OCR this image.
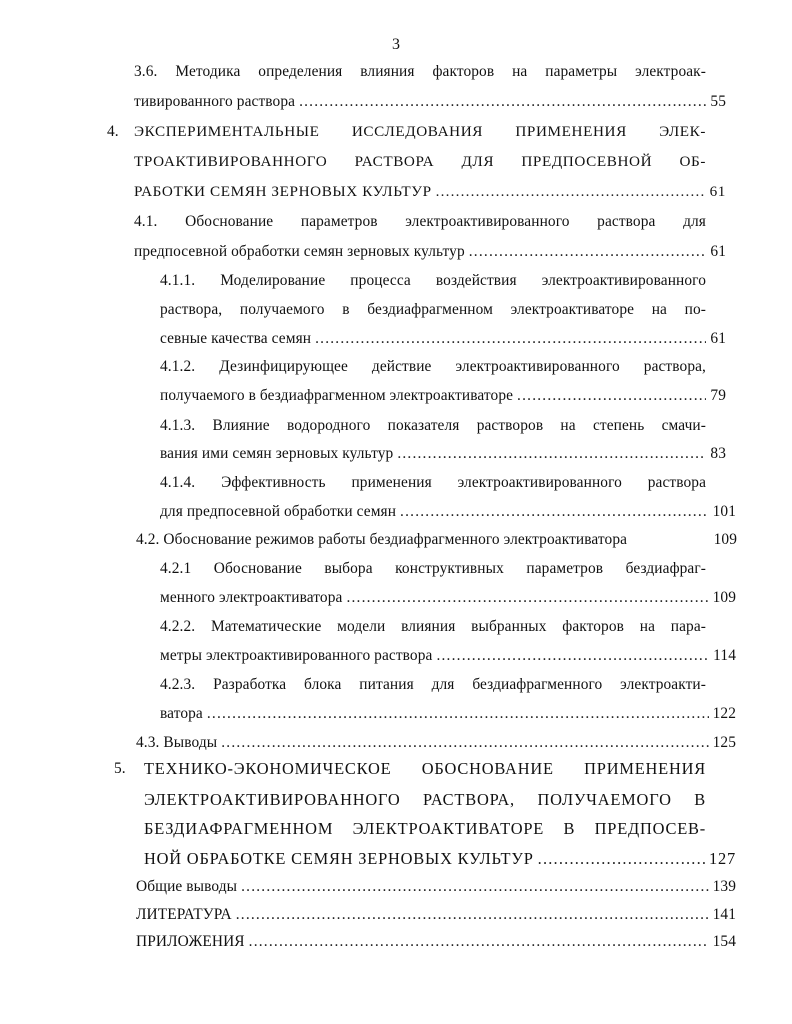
3
3.6. Методика определения влияния факторов на параметры электроак-
тивированного раствора .....	55
4. ЭКСПЕРИМЕНТАЛЬНЫЕ ИССЛЕДОВАНИЯ ПРИМЕНЕНИЯ ЭЛЕК-
ТРОАКТИВИРОВАННОГО РАСТВОРА ДЛЯ ПРЕДПОСЕВНОЙ ОБ-
РАБОТКИ СЕМЯН ЗЕРНОВЫХ КУЛЬТУР .....	61
4.1. Обоснование параметров электроактивированного раствора для
предпосевной обработки семян зерновых культур .....	61
4.1.1. Моделирование процесса воздействия электроактивированного
раствора, получаемого в бездиафрагменном электроактиваторе на по-
севные качества семян .....	61
4.1.2. Дезинфицирующее действие электроактивированного раствора,
получаемого в бездиафрагменном электроактиваторе .....	79
4.1.3. Влияние водородного показателя растворов на степень смачи-
вания ими семян зерновых культур .....	83
4.1.4. Эффективность применения электроактивированного раствора
для предпосевной обработки семян .....	101
4.2. Обоснование режимов работы бездиафрагменного электроактиватора	109
4.2.1 Обоснование выбора конструктивных параметров бездиафраг-
менного электроактиватора .....	109
4.2.2. Математические модели влияния выбранных факторов на пара-
метры электроактивированного раствора .....	114
4.2.3. Разработка блока питания для бездиафрагменного электроакти-
ватора .....	122
4.3. Выводы .....	125
5. ТЕХНИКО-ЭКОНОМИЧЕСКОЕ ОБОСНОВАНИЕ ПРИМЕНЕНИЯ
ЭЛЕКТРОАКТИВИРОВАННОГО РАСТВОРА, ПОЛУЧАЕМОГО В
БЕЗДИАФРАГМЕННОМ ЭЛЕКТРОАКТИВАТОРЕ В ПРЕДПОСЕВ-
НОЙ ОБРАБОТКЕ СЕМЯН ЗЕРНОВЫХ КУЛЬТУР .....	127
Общие выводы .....	139
ЛИТЕРАТУРА .....	141
ПРИЛОЖЕНИЯ .....	154
